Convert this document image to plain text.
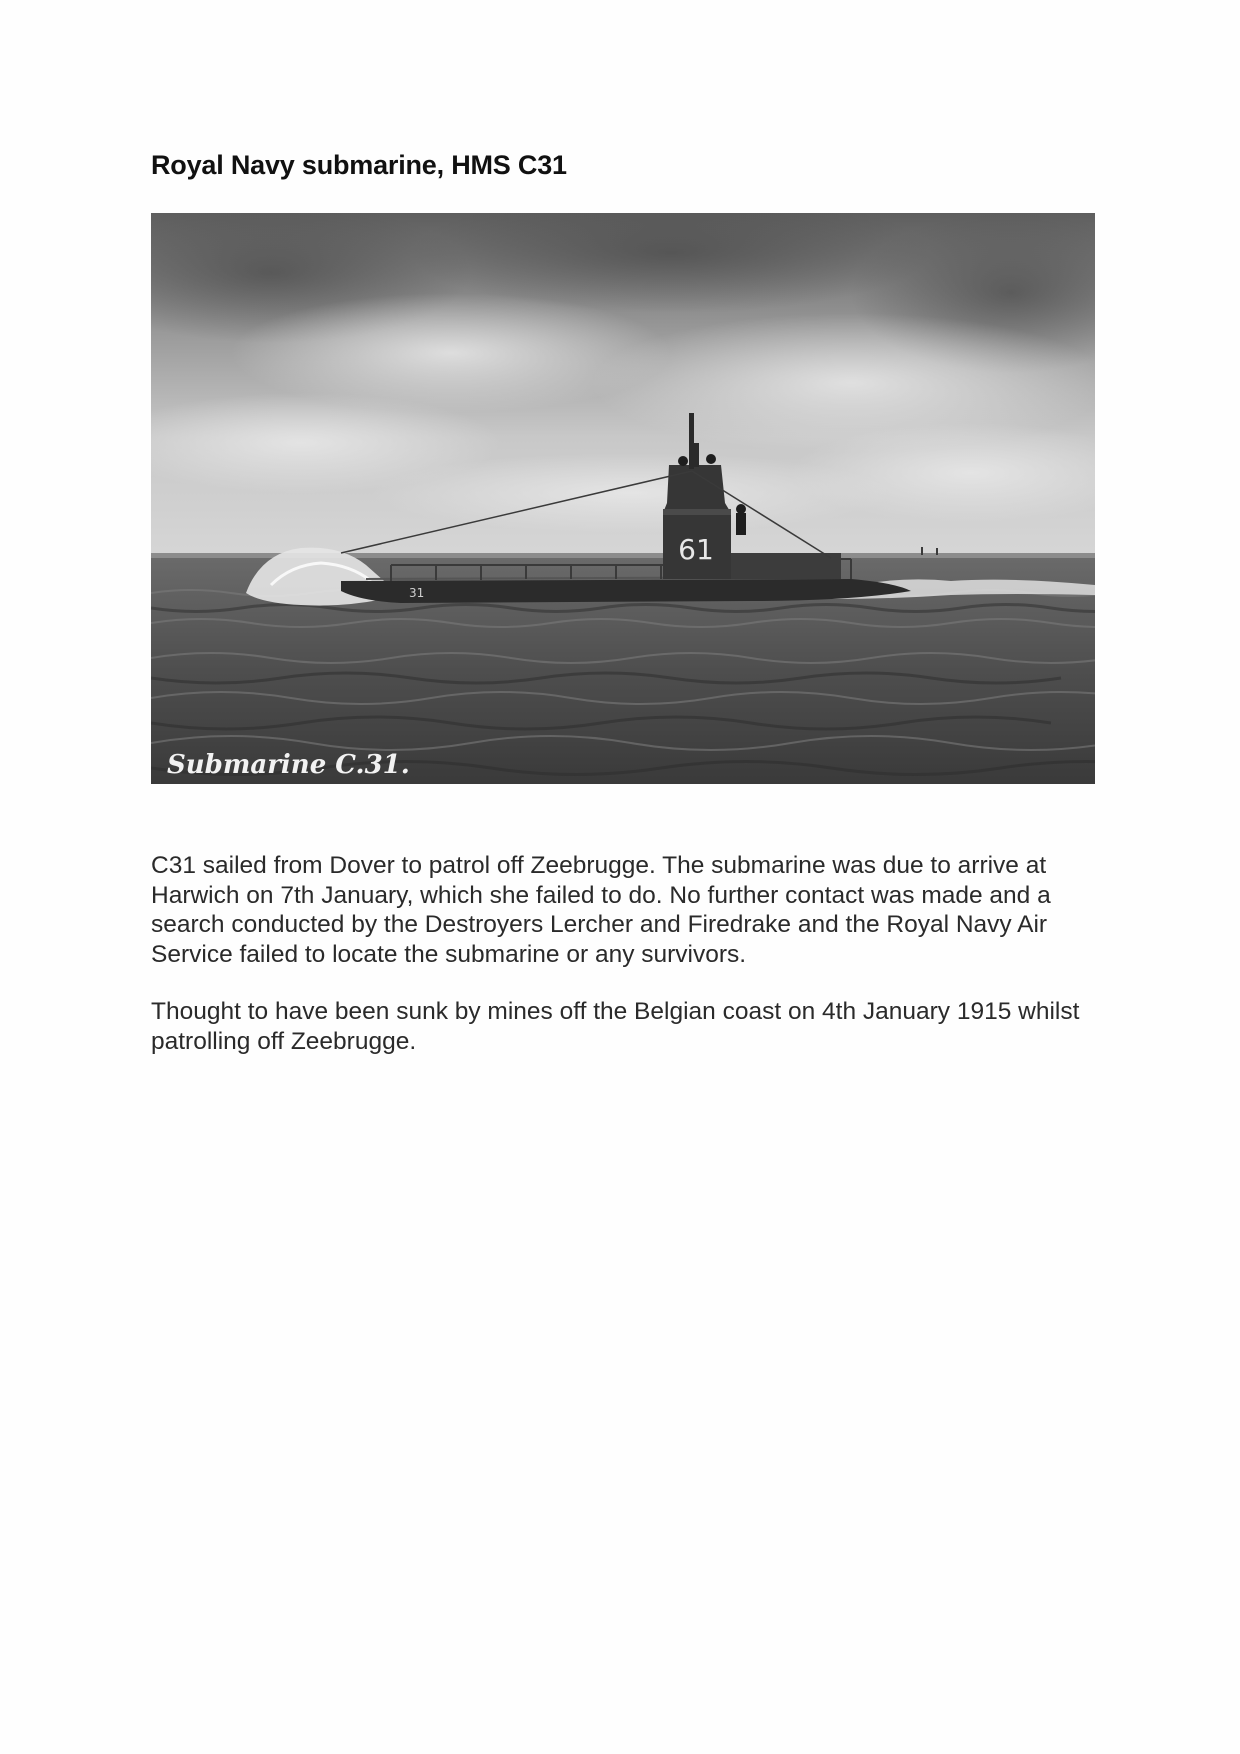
Royal Navy submarine, HMS C31
61
31
Submarine C.31.

C31 sailed from Dover to patrol off Zeebrugge. The submarine was due to arrive at Harwich on 7th January, which she failed to do. No further contact was made and a search conducted by the Destroyers Lercher and Firedrake and the Royal Navy Air Service failed to locate the submarine or any survivors.

Thought to have been sunk by mines off the Belgian coast on 4th January 1915 whilst patrolling off Zeebrugge.
